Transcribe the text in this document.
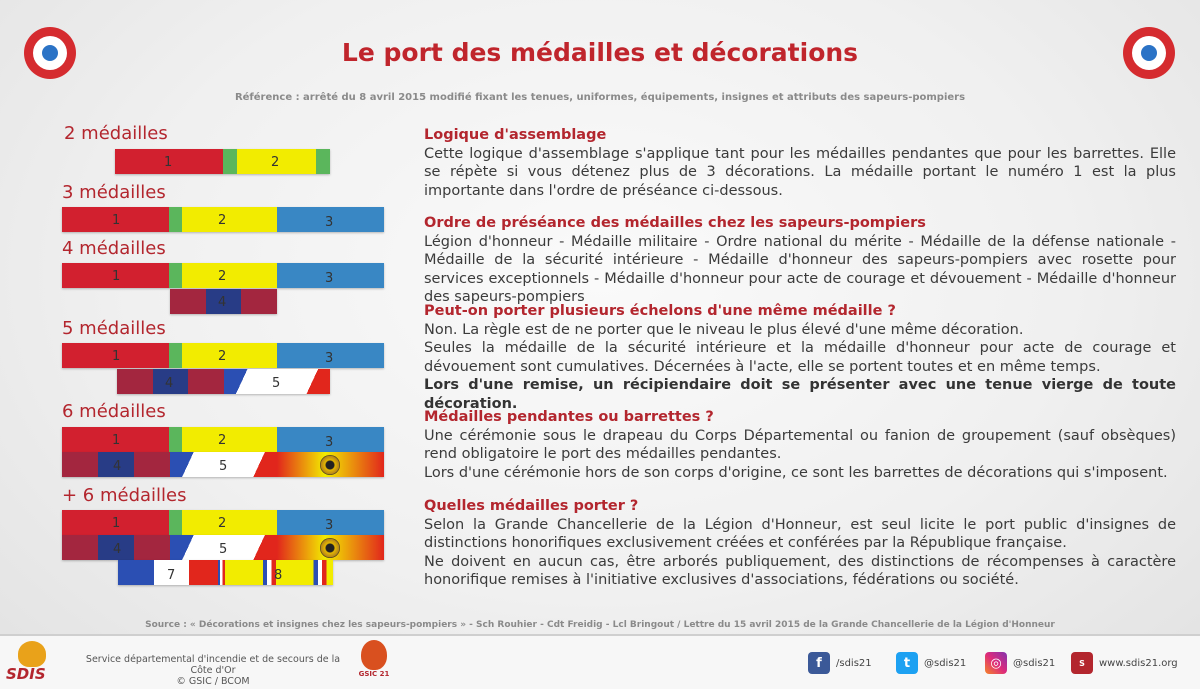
Le port des médailles et décorations
Référence : arrêté du 8 avril 2015 modifié fixant les tenues, uniformes, équipements, insignes et attributs des sapeurs-pompiers
2 médailles
1	2
3 médailles
1	2	3
4 médailles
1	2	3
4
5 médailles
1	2	3
4	5
6 médailles
1	2	3
4	5
+ 6 médailles
1	2	3
4	5
7	8
Logique d'assemblage

Cette logique d'assemblage s'applique tant pour les médailles pendantes que pour les barrettes. Elle se répète si vous détenez plus de 3 décorations. La médaille portant le numéro 1 est la plus importante dans l'ordre de préséance ci-dessous.

Ordre de préséance des médailles chez les sapeurs-pompiers

Légion d'honneur - Médaille militaire - Ordre national du mérite - Médaille de la défense nationale - Médaille de la sécurité intérieure - Médaille d'honneur des sapeurs-pompiers avec rosette pour services exceptionnels - Médaille d'honneur pour acte de courage et dévouement - Médaille d'honneur des sapeurs-pompiers

Peut-on porter plusieurs échelons d'une même médaille ?

Non. La règle est de ne porter que le niveau le plus élevé d'une même décoration.

Seules la médaille de la sécurité intérieure et la médaille d'honneur pour acte de courage et dévouement sont cumulatives. Décernées à l'acte, elle se portent toutes et en même temps.

Lors d'une remise, un récipiendaire doit se présenter avec une tenue vierge de toute décoration.

Médailles pendantes ou barrettes ?

Une cérémonie sous le drapeau du Corps Départemental ou fanion de groupement (sauf obsèques) rend obligatoire le port des médailles pendantes.

Lors d'une cérémonie hors de son corps d'origine, ce sont les barrettes de décorations qui s'imposent.

Quelles médailles porter ?

Selon la Grande Chancellerie de la Légion d'Honneur, est seul licite le port public d'insignes de distinctions honorifiques exclusivement créées et conférées par la République française.

Ne doivent en aucun cas, être arborés publiquement, des distinctions de récompenses à caractère honorifique remises à l'initiative exclusives d'associations, fédérations ou société.

Source : « Décorations et insignes chez les sapeurs-pompiers » - Sch Rouhier - Cdt Freidig - Lcl Bringout / Lettre du 15 avril 2015 de la Grande Chancellerie de la Légion d'Honneur
SDIS
Service départemental d'incendie et de secours de la Côte d'Or
© GSIC / BCOM
GSIC 21
f	/sdis21	t	@sdis21	◎	@sdis21	S	www.sdis21.org
